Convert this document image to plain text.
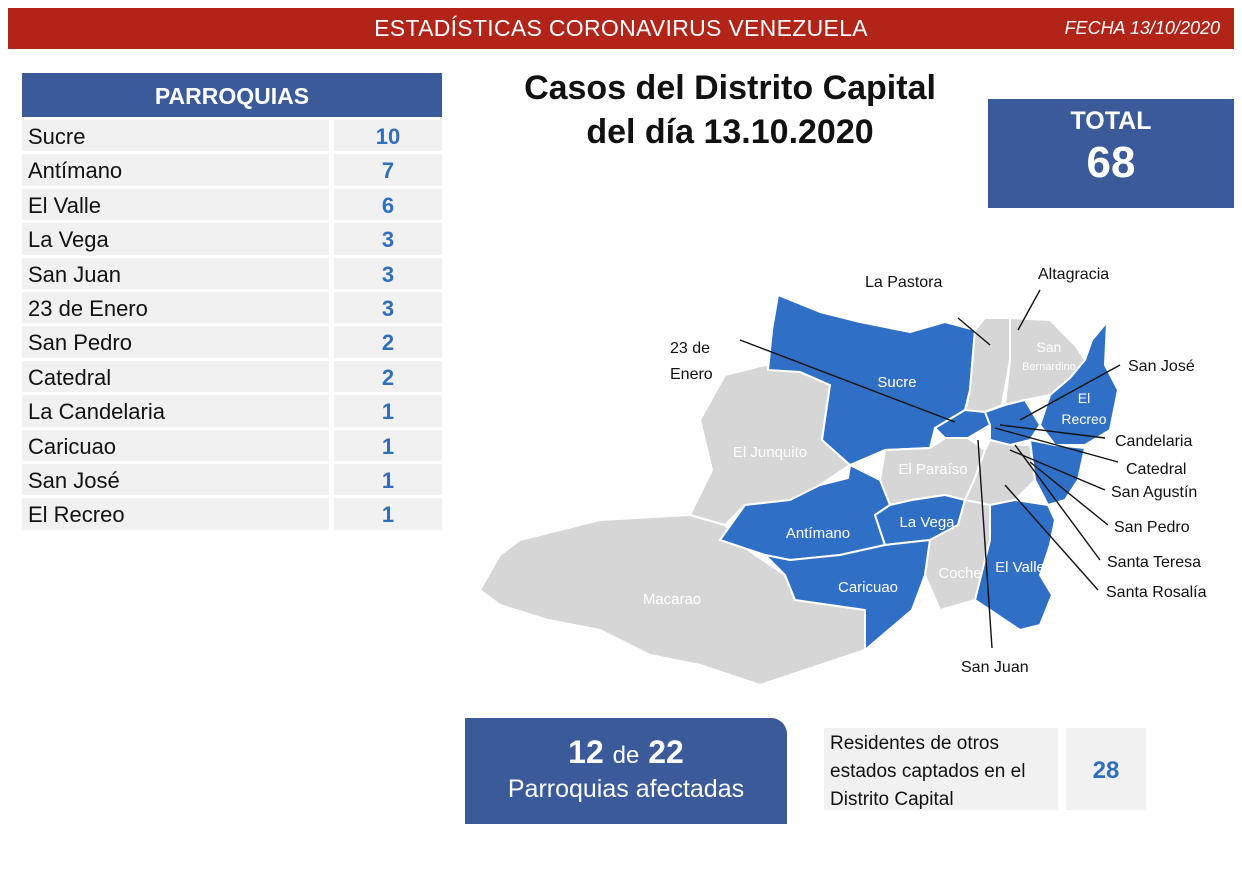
ESTADÍSTICAS CORONAVIRUS VENEZUELA	FECHA 13/10/2020
PARROQUIAS
Sucre	10
Antímano	7
El Valle	6
La Vega	3
San Juan	3
23 de Enero	3
San Pedro	2
Catedral	2
La Candelaria	1
Caricuao	1
San José	1
El Recreo	1
Casos del Distrito Capital
del día 13.10.2020	TOTAL
68
Sucre
El Junquito
El Paraíso
Antímano
La Vega
Macarao
Caricuao
Coche El Valle
San
Bernardino
El
Recreo
La Pastora	Altagracia
23 de
Enero	San José
Candelaria
Catedral
San Agustín
San Pedro
Santa Teresa
Santa Rosalía
San Juan
12 de 22
Parroquias afectadas
Residentes de otros
estados captados en el
Distrito Capital
28
